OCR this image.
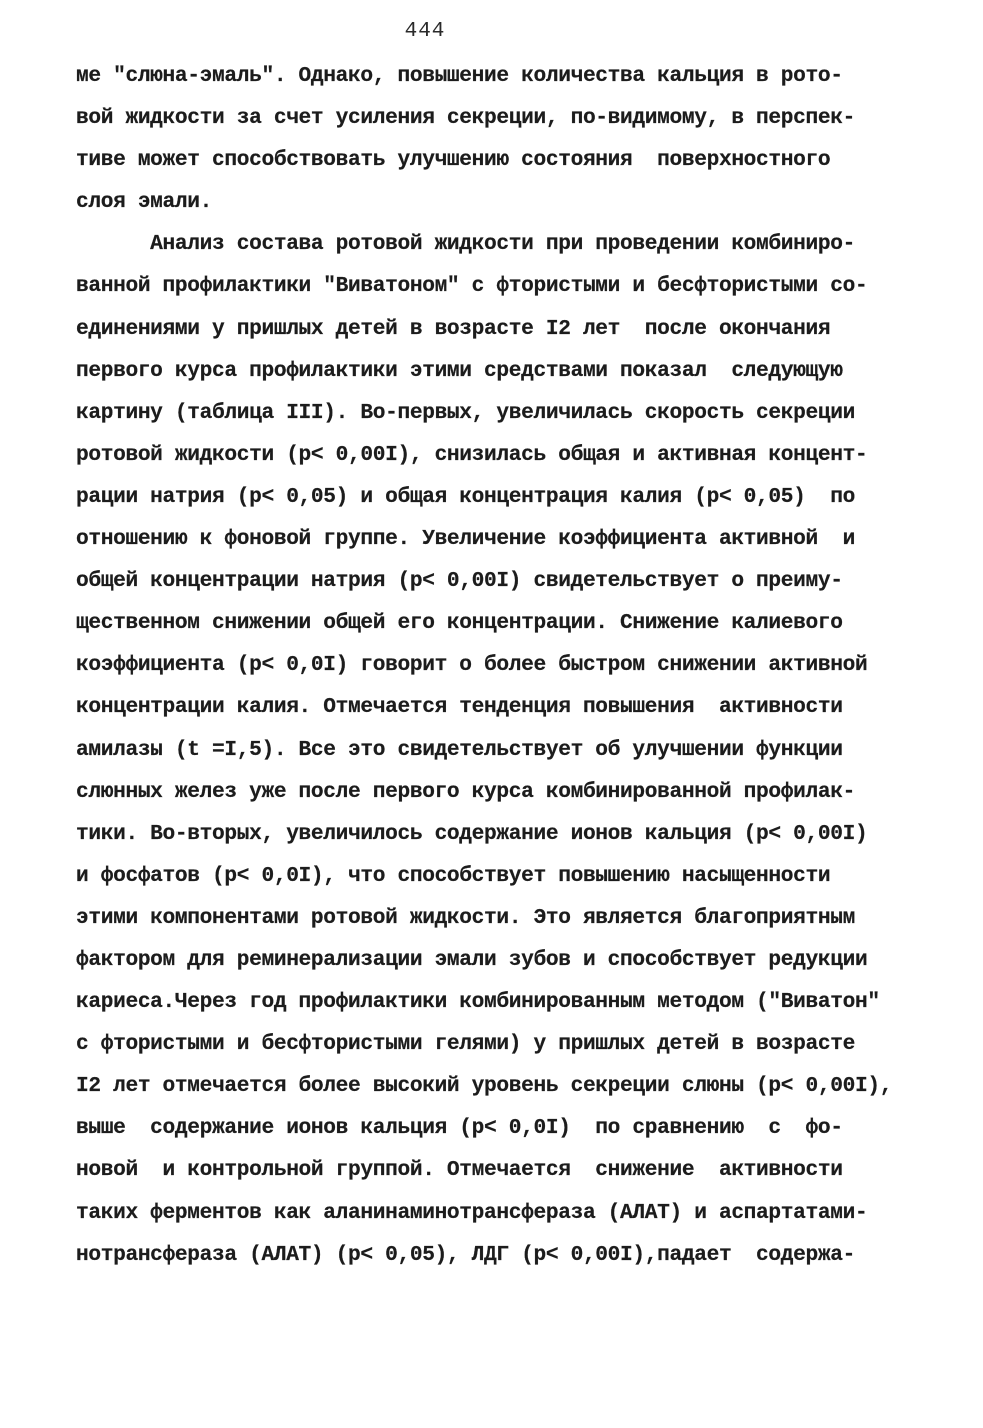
444
ме "слюна-эмаль". Однако, повышение количества кальция в рото-
вой жидкости за счет усиления секреции, по-видимому, в перспек-
тиве может способствовать улучшению состояния  поверхностного
слоя эмали.
Анализ состава ротовой жидкости при проведении комбиниро-
ванной профилактики "Виватоном" с фтористыми и бесфтористыми со-
единениями у пришлых детей в возрасте I2 лет  после окончания
первого курса профилактики этими средствами показал  следующую
картину (таблица III). Во-первых, увеличилась скорость секреции
ротовой жидкости (р< 0,00I), снизилась общая и активная концент-
рации натрия (р< 0,05) и общая концентрация калия (р< 0,05)  по
отношению к фоновой группе. Увеличение коэффициента активной  и
общей концентрации натрия (р< 0,00I) свидетельствует о преиму-
щественном снижении общей его концентрации. Снижение калиевого
коэффициента (р< 0,0I) говорит о более быстром снижении активной
концентрации калия. Отмечается тенденция повышения  активности
амилазы (t =I,5). Все это свидетельствует об улучшении функции
слюнных желез уже после первого курса комбинированной профилак-
тики. Во-вторых, увеличилось содержание ионов кальция (р< 0,00I)
и фосфатов (р< 0,0I), что способствует повышению насыщенности
этими компонентами ротовой жидкости. Это является благоприятным
фактором для реминерализации эмали зубов и способствует редукции
кариеса.Через год профилактики комбинированным методом ("Виватон"
с фтористыми и бесфтористыми гелями) у пришлых детей в возрасте
I2 лет отмечается более высокий уровень секреции слюны (р< 0,00I),
выше  содержание ионов кальция (р< 0,0I)  по сравнению  с  фо-
новой  и контрольной группой. Отмечается  снижение  активности
таких ферментов как аланинаминотрансфераза (АЛАТ) и аспартатами-
нотрансфераза (АЛАТ) (р< 0,05), ЛДГ (р< 0,00I),падает  содержа-
